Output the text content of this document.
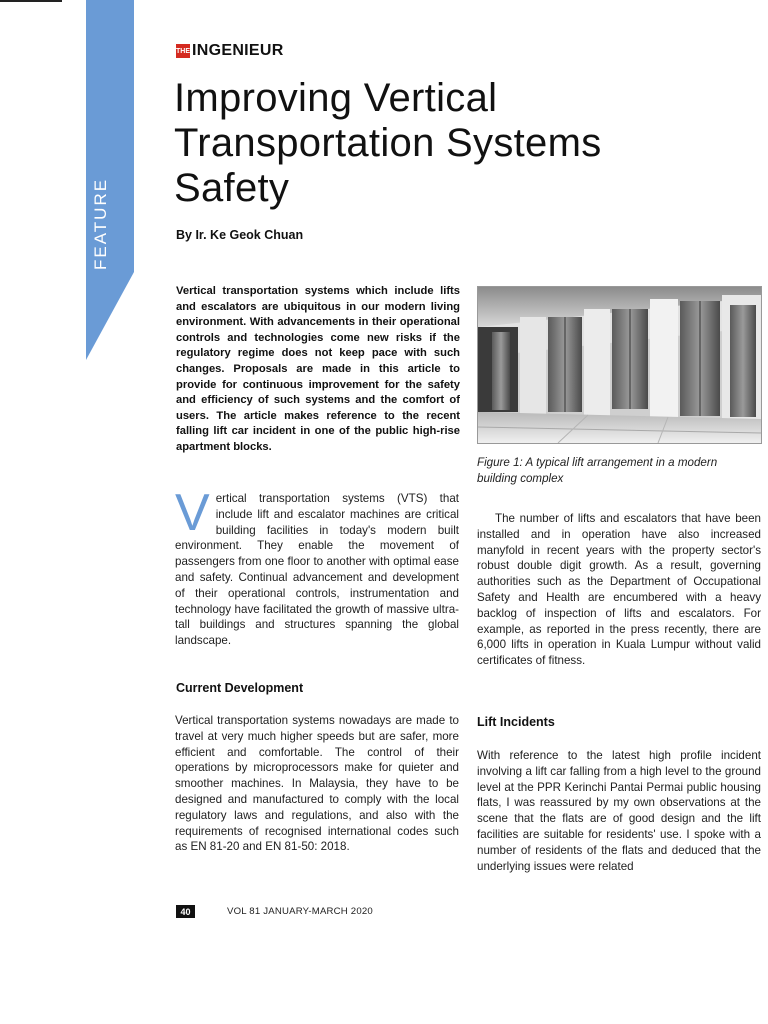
FEATURE
THE INGENIEUR
Improving Vertical
Transportation Systems
Safety
By Ir. Ke Geok Chuan
Vertical transportation systems which include lifts and escalators are ubiquitous in our modern living environment. With advancements in their operational controls and technologies come new risks if the regulatory regime does not keep pace with such changes. Proposals are made in this article to provide for continuous improvement for the safety and efficiency of such systems and the comfort of users. The article makes reference to the recent falling lift car incident in one of the public high-rise apartment blocks.
Figure 1: A typical lift arrangement in a modern building complex
Vertical transportation systems (VTS) that include lift and escalator machines are critical building facilities in today's modern built environment. They enable the movement of passengers from one floor to another with optimal ease and safety. Continual advancement and development of their operational controls, instrumentation and technology have facilitated the growth of massive ultra-tall buildings and structures spanning the global landscape.
Current Development
Vertical transportation systems nowadays are made to travel at very much higher speeds but are safer, more efficient and comfortable. The control of their operations by microprocessors make for quieter and smoother machines. In Malaysia, they have to be designed and manufactured to comply with the local regulatory laws and regulations, and also with the requirements of recognised international codes such as EN 81-20 and EN 81-50: 2018.
The number of lifts and escalators that have been installed and in operation have also increased manyfold in recent years with the property sector's robust double digit growth. As a result, governing authorities such as the Department of Occupational Safety and Health are encumbered with a heavy backlog of inspection of lifts and escalators. For example, as reported in the press recently, there are 6,000 lifts in operation in Kuala Lumpur without valid certificates of fitness.
Lift Incidents
With reference to the latest high profile incident involving a lift car falling from a high level to the ground level at the PPR Kerinchi Pantai Permai public housing flats, I was reassured by my own observations at the scene that the flats are of good design and the lift facilities are suitable for residents' use. I spoke with a number of residents of the flats and deduced that the underlying issues were related
40	VOL 81 JANUARY-MARCH 2020
